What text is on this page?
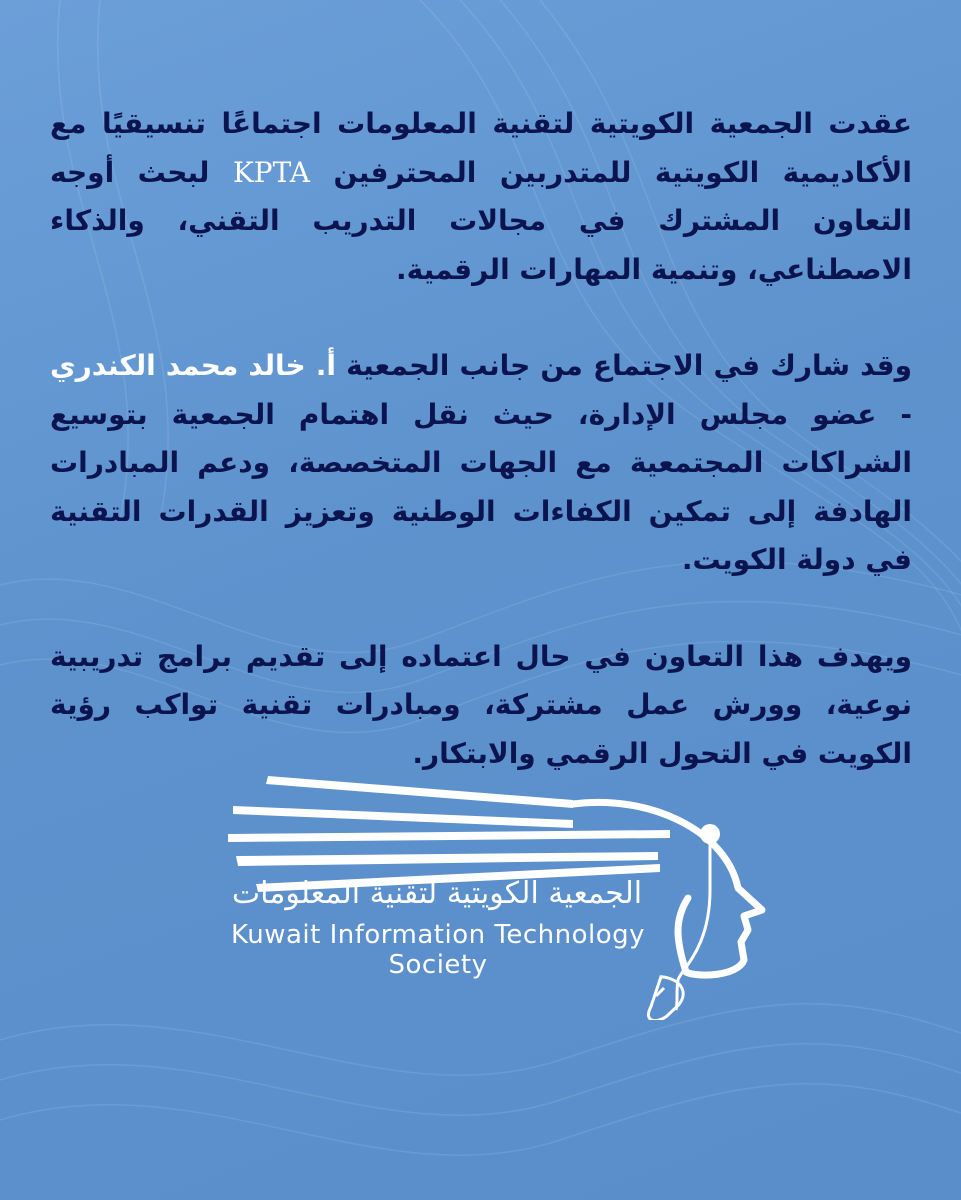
عقدت الجمعية الكويتية لتقنية المعلومات اجتماعًا تنسيقيًا مع الأكاديمية الكويتية للمتدربين المحترفين KPTA لبحث أوجه التعاون المشترك في مجالات التدريب التقني، والذكاء الاصطناعي، وتنمية المهارات الرقمية.

وقد شارك في الاجتماع من جانب الجمعية أ. خالد محمد الكندري - عضو مجلس الإدارة، حيث نقل اهتمام الجمعية بتوسيع الشراكات المجتمعية مع الجهات المتخصصة، ودعم المبادرات الهادفة إلى تمكين الكفاءات الوطنية وتعزيز القدرات التقنية في دولة الكويت.

ويهدف هذا التعاون في حال اعتماده إلى تقديم برامج تدريبية نوعية، وورش عمل مشتركة، ومبادرات تقنية تواكب رؤية الكويت في التحول الرقمي والابتكار.

الجمعية الكويتية لتقنية المعلومات
Kuwait Information Technology Society
